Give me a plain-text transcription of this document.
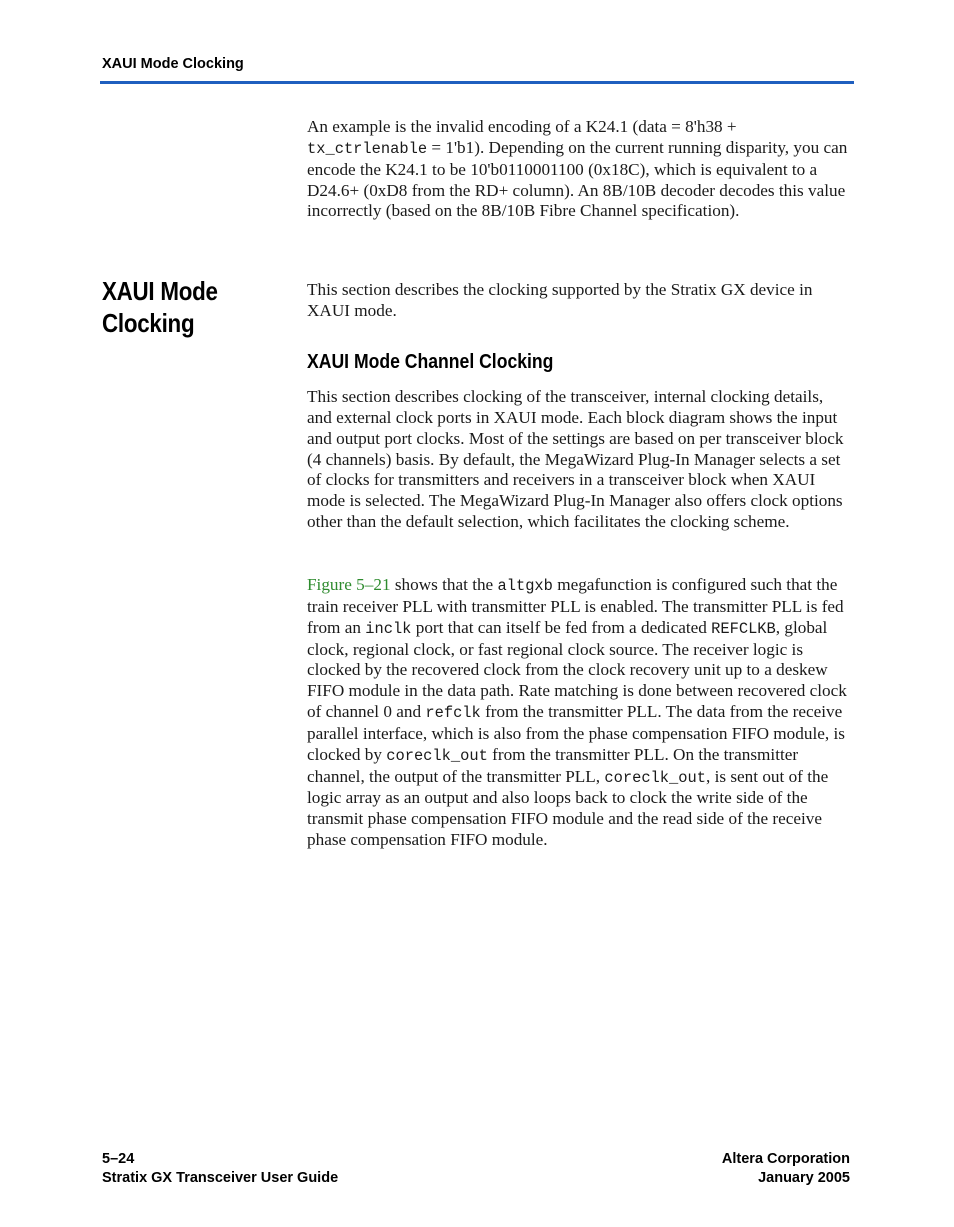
XAUI Mode Clocking

An example is the invalid encoding of a K24.1 (data = 8'h38 +
tx_ctrlenable = 1'b1). Depending on the current running disparity, you can encode the K24.1 to be 10'b0110001100 (0x18C), which is equivalent to a D24.6+ (0xD8 from the RD+ column). An 8B/10B decoder decodes this value incorrectly (based on the 8B/10B Fibre Channel specification).

XAUI Mode
Clocking

This section describes the clocking supported by the Stratix GX device in XAUI mode.

XAUI Mode Channel Clocking

This section describes clocking of the transceiver, internal clocking details, and external clock ports in XAUI mode. Each block diagram shows the input and output port clocks. Most of the settings are based on per transceiver block (4 channels) basis. By default, the MegaWizard Plug-In Manager selects a set of clocks for transmitters and receivers in a transceiver block when XAUI mode is selected. The MegaWizard Plug-In Manager also offers clock options other than the default selection, which facilitates the clocking scheme.

Figure 5–21 shows that the altgxb megafunction is configured such that the train receiver PLL with transmitter PLL is enabled. The transmitter PLL is fed from an inclk port that can itself be fed from a dedicated REFCLKB, global clock, regional clock, or fast regional clock source. The receiver logic is clocked by the recovered clock from the clock recovery unit up to a deskew FIFO module in the data path. Rate matching is done between recovered clock of channel 0 and refclk from the transmitter PLL. The data from the receive parallel interface, which is also from the phase compensation FIFO module, is clocked by coreclk_out from the transmitter PLL. On the transmitter channel, the output of the transmitter PLL, coreclk_out, is sent out of the logic array as an output and also loops back to clock the write side of the transmit phase compensation FIFO module and the read side of the receive phase compensation FIFO module.

5–24
Stratix GX Transceiver User Guide
Altera Corporation
January 2005
